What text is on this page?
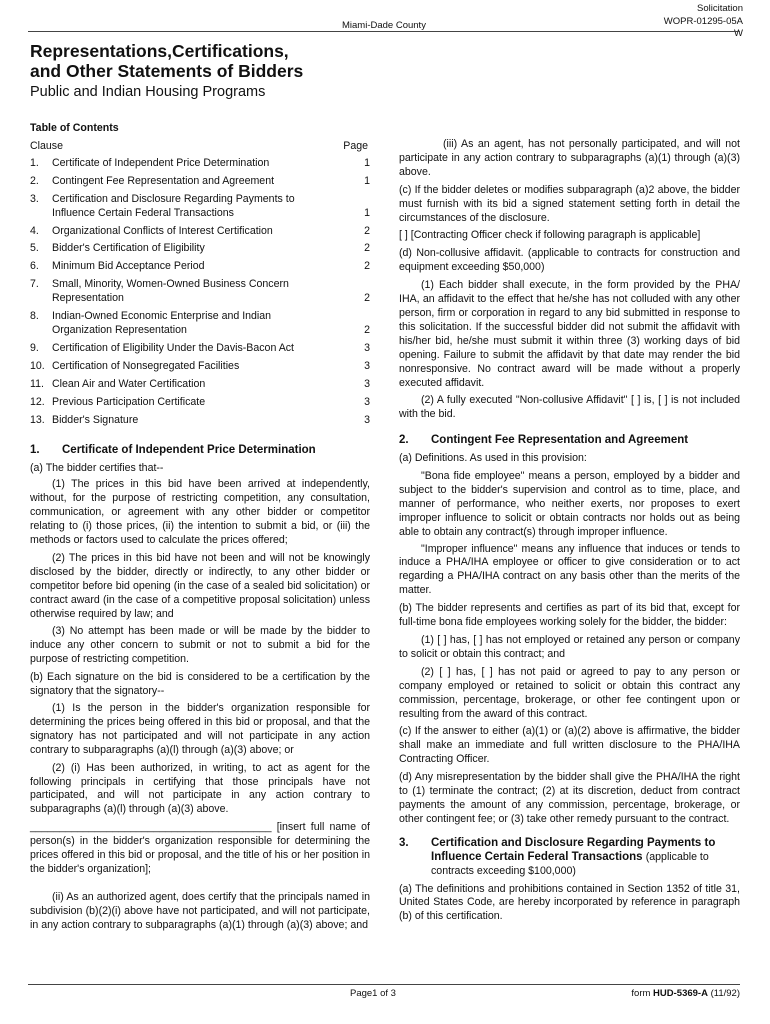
Miami-Dade County
Solicitation
WOPR-01295-05A
W
Representations,Certifications,
and Other Statements of Bidders
Public and Indian Housing Programs
Table of Contents
Clause	Page
1.	Certificate of Independent Price Determination	1
2.	Contingent Fee Representation and Agreement	1
3.	Certification and Disclosure Regarding Payments to Influence Certain Federal Transactions	1
4.	Organizational Conflicts of Interest Certification	2
5.	Bidder's Certification of Eligibility	2
6.	Minimum Bid Acceptance Period	2
7.	Small, Minority, Women-Owned Business Concern Representation	2
8.	Indian-Owned Economic Enterprise and Indian Organization Representation	2
9.	Certification of Eligibility Under the Davis-Bacon Act	3
10. Certification of Nonsegregated Facilities	3
11. Clean Air and Water Certification	3
12. Previous Participation Certificate	3
13. Bidder's Signature	3
1.	Certificate of Independent Price Determination

(a) The bidder certifies that--

(1) The prices in this bid have been arrived at independently, without, for the purpose of restricting competition, any consultation, communication, or agreement with any other bidder or competitor relating to (i) those prices, (ii) the intention to submit a bid, or (iii) the methods or factors used to calculate the prices offered;

(2) The prices in this bid have not been and will not be knowingly disclosed by the bidder, directly or indirectly, to any other bidder or competitor before bid opening (in the case of a sealed bid solicitation) or contract award (in the case of a competitive proposal solicitation) unless otherwise required by law; and

(3) No attempt has been made or will be made by the bidder to induce any other concern to submit or not to submit a bid for the purpose of restricting competition.

(b) Each signature on the bid is considered to be a certification by the signatory that the signatory--

(1) Is the person in the bidder's organization responsible for determining the prices being offered in this bid or proposal, and that the signatory has not participated and will not participate in any action contrary to subparagraphs (a)(l) through (a)(3) above; or

(2) (i) Has been authorized, in writing, to act as agent for the following principals in certifying that those principals have not participated, and will not participate in any action contrary to subparagraphs (a)(l) through (a)(3) above.

_________________________________________ [insert full name of person(s) in the bidder's organization responsible for determining the prices offered in this bid or proposal, and the title of his or her position in the bidder's organization];

(ii) As an authorized agent, does certify that the principals named in subdivision (b)(2)(i) above have not participated, and will not participate, in any action contrary to subparagraphs (a)(1) through (a)(3) above; and

(iii) As an agent, has not personally participated, and will not participate in any action contrary to subparagraphs (a)(1) through (a)(3) above.

(c) If the bidder deletes or modifies subparagraph (a)2 above, the bidder must furnish with its bid a signed statement setting forth in detail the circumstances of the disclosure.

[ ] [Contracting Officer check if following paragraph is applicable]

(d) Non-collusive affidavit. (applicable to contracts for construction and equipment exceeding $50,000)

(1) Each bidder shall execute, in the form provided by the PHA/ IHA, an affidavit to the effect that he/she has not colluded with any other person, firm or corporation in regard to any bid submitted in response to this solicitation. If the successful bidder did not submit the affidavit with his/her bid, he/she must submit it within three (3) working days of bid opening. Failure to submit the affidavit by that date may render the bid nonresponsive. No contract award will be made without a properly executed affidavit.

(2) A fully executed "Non-collusive Affidavit" [ ] is, [ ] is not included with the bid.

2.	Contingent Fee Representation and Agreement

(a) Definitions. As used in this provision:

"Bona fide employee" means a person, employed by a bidder and subject to the bidder's supervision and control as to time, place, and manner of performance, who neither exerts, nor proposes to exert improper influence to solicit or obtain contracts nor holds out as being able to obtain any contract(s) through improper influence.

"Improper influence" means any influence that induces or tends to induce a PHA/IHA employee or officer to give consideration or to act regarding a PHA/IHA contract on any basis other than the merits of the matter.

(b) The bidder represents and certifies as part of its bid that, except for full-time bona fide employees working solely for the bidder, the bidder:

(1) [ ] has, [ ] has not employed or retained any person or company to solicit or obtain this contract; and

(2) [ ] has, [ ] has not paid or agreed to pay to any person or company employed or retained to solicit or obtain this contract any commission, percentage, brokerage, or other fee contingent upon or resulting from the award of this contract.

(c) If the answer to either (a)(1) or (a)(2) above is affirmative, the bidder shall make an immediate and full written disclosure to the PHA/IHA Contracting Officer.

(d) Any misrepresentation by the bidder shall give the PHA/IHA the right to (1) terminate the contract; (2) at its discretion, deduct from contract payments the amount of any commission, percentage, brokerage, or other contingent fee; or (3) take other remedy pursuant to the contract.

3.	Certification and Disclosure Regarding Payments to Influence Certain Federal Transactions (applicable to contracts exceeding $100,000)

(a) The definitions and prohibitions contained in Section 1352 of title 31, United States Code, are hereby incorporated by reference in paragraph (b) of this certification.

Page1 of 3	form HUD-5369-A (11/92)
